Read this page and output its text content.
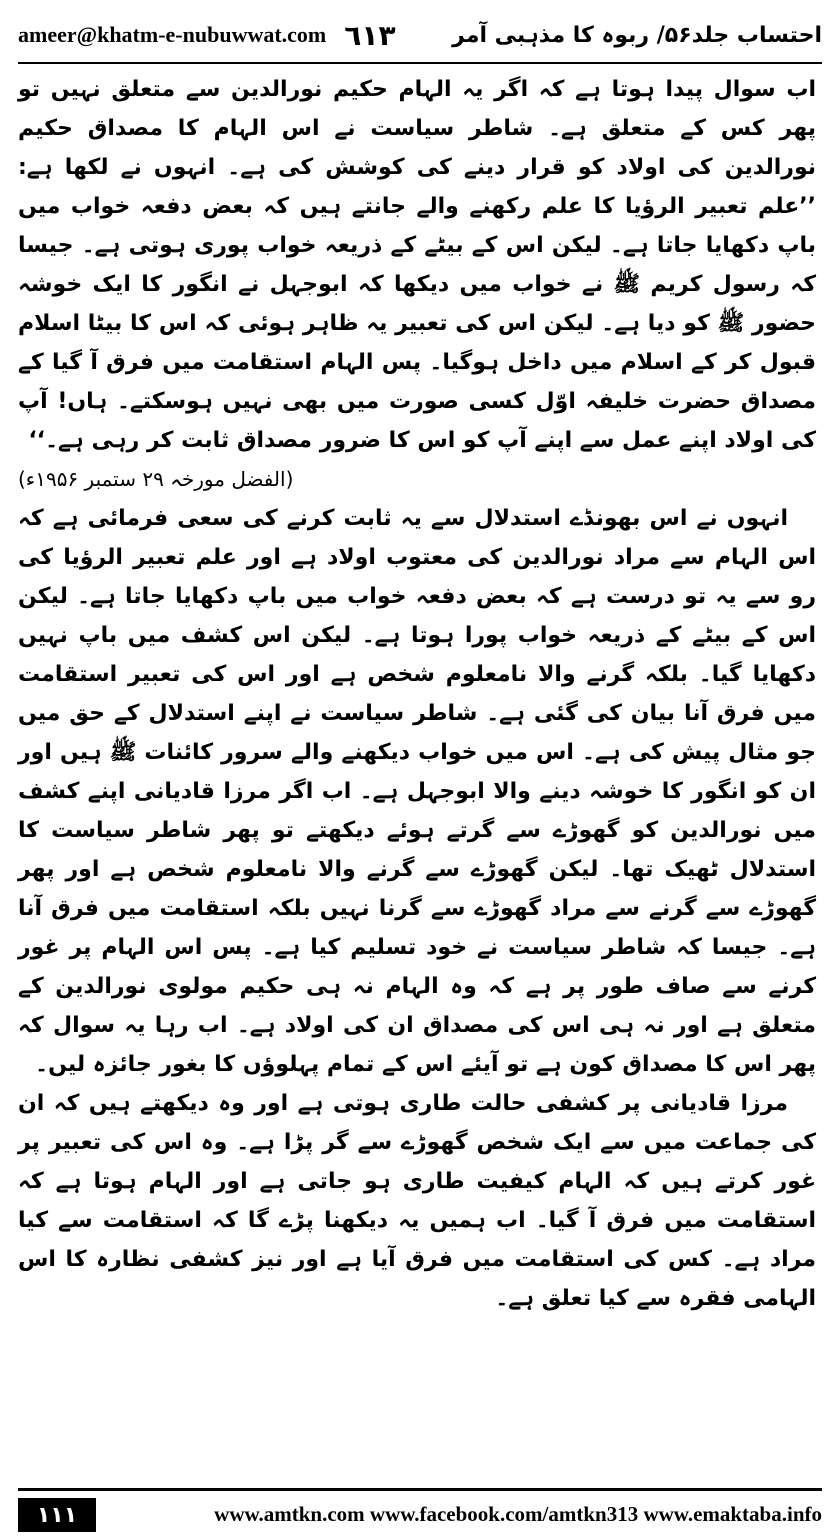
ameer@khatm-e-nubuwwat.com ٦١٣	احتساب جلد۵۶/ ربوہ کا مذہبی آمر

اب سوال پیدا ہوتا ہے کہ اگر یہ الہام حکیم نورالدین سے متعلق نہیں تو پھر کس کے متعلق ہے۔ شاطر سیاست نے اس الہام کا مصداق حکیم نورالدین کی اولاد کو قرار دینے کی کوشش کی ہے۔ انہوں نے لکھا ہے: ’’علم تعبیر الرؤیا کا علم رکھنے والے جانتے ہیں کہ بعض دفعہ خواب میں باپ دکھایا جاتا ہے۔ لیکن اس کے بیٹے کے ذریعہ خواب پوری ہوتی ہے۔ جیسا کہ رسول کریم ﷺ نے خواب میں دیکھا کہ ابوجہل نے انگور کا ایک خوشہ حضور ﷺ کو دیا ہے۔ لیکن اس کی تعبیر یہ ظاہر ہوئی کہ اس کا بیٹا اسلام قبول کر کے اسلام میں داخل ہوگیا۔ پس الہام استقامت میں فرق آ گیا کے مصداق حضرت خلیفہ اوّل کسی صورت میں بھی نہیں ہوسکتے۔ ہاں! آپ کی اولاد اپنے عمل سے اپنے آپ کو اس کا ضرور مصداق ثابت کر رہی ہے۔‘‘

(الفضل مورخہ ۲۹ ستمبر ۱۹۵۶ء)

انہوں نے اس بھونڈے استدلال سے یہ ثابت کرنے کی سعی فرمائی ہے کہ اس الہام سے مراد نورالدین کی معتوب اولاد ہے اور علم تعبیر الرؤیا کی رو سے یہ تو درست ہے کہ بعض دفعہ خواب میں باپ دکھایا جاتا ہے۔ لیکن اس کے بیٹے کے ذریعہ خواب پورا ہوتا ہے۔ لیکن اس کشف میں باپ نہیں دکھایا گیا۔ بلکہ گرنے والا نامعلوم شخص ہے اور اس کی تعبیر استقامت میں فرق آنا بیان کی گئی ہے۔ شاطر سیاست نے اپنے استدلال کے حق میں جو مثال پیش کی ہے۔ اس میں خواب دیکھنے والے سرور کائنات ﷺ ہیں اور ان کو انگور کا خوشہ دینے والا ابوجہل ہے۔ اب اگر مرزا قادیانی اپنے کشف میں نورالدین کو گھوڑے سے گرتے ہوئے دیکھتے تو پھر شاطر سیاست کا استدلال ٹھیک تھا۔ لیکن گھوڑے سے گرنے والا نامعلوم شخص ہے اور پھر گھوڑے سے گرنے سے مراد گھوڑے سے گرنا نہیں بلکہ استقامت میں فرق آنا ہے۔ جیسا کہ شاطر سیاست نے خود تسلیم کیا ہے۔ پس اس الہام پر غور کرنے سے صاف طور پر ہے کہ وہ الہام نہ ہی حکیم مولوی نورالدین کے متعلق ہے اور نہ ہی اس کی مصداق ان کی اولاد ہے۔ اب رہا یہ سوال کہ پھر اس کا مصداق کون ہے تو آیئے اس کے تمام پہلوؤں کا بغور جائزہ لیں۔

مرزا قادیانی پر کشفی حالت طاری ہوتی ہے اور وہ دیکھتے ہیں کہ ان کی جماعت میں سے ایک شخص گھوڑے سے گر پڑا ہے۔ وہ اس کی تعبیر پر غور کرتے ہیں کہ الہام کیفیت طاری ہو جاتی ہے اور الہام ہوتا ہے کہ استقامت میں فرق آ گیا۔ اب ہمیں یہ دیکھنا پڑے گا کہ استقامت سے کیا مراد ہے۔ کس کی استقامت میں فرق آیا ہے اور نیز کشفی نظارہ کا اس الہامی فقرہ سے کیا تعلق ہے۔

۱۱۱	www.amtkn.com www.facebook.com/amtkn313 www.emaktaba.info
